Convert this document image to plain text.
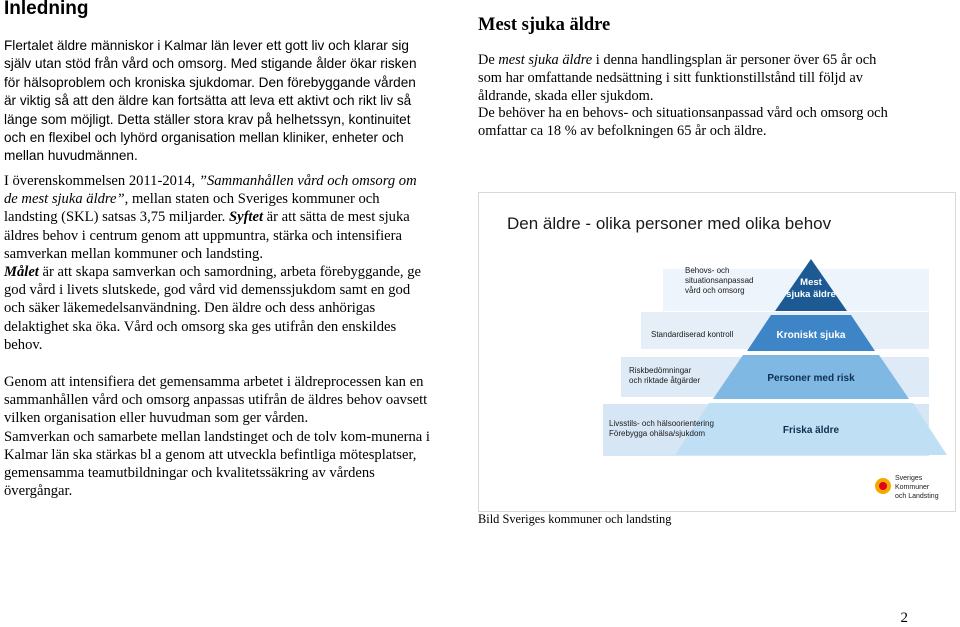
Inledning
Flertalet äldre människor i Kalmar län lever ett gott liv och klarar sig
själv utan stöd från vård och omsorg. Med stigande ålder ökar risken
för hälsoproblem och kroniska sjukdomar. Den förebyggande vården
är viktig så att den äldre kan fortsätta att leva ett aktivt och rikt liv så
länge som möjligt. Detta ställer stora krav på helhetssyn, kontinuitet
och en flexibel och lyhörd organisation mellan kliniker, enheter och
mellan huvudmännen.

I överenskommelsen 2011-2014, ”Sammanhållen vård och omsorg om de mest sjuka äldre”, mellan staten och Sveriges kommuner och landsting (SKL) satsas 3,75 miljarder. Syftet är att sätta de mest sjuka äldres behov i centrum genom att uppmuntra, stärka och intensifiera samverkan mellan kommuner och landsting.
Målet är att skapa samverkan och samordning, arbeta förebyggande, ge god vård i livets slutskede, god vård vid demenssjukdom samt en god och säker läkemedelsanvändning. Den äldre och dess anhörigas delaktighet ska öka. Vård och omsorg ska ges utifrån den enskildes behov.

Genom att intensifiera det gemensamma arbetet i äldreprocessen kan en sammanhållen vård och omsorg anpassas utifrån de äldres behov oavsett vilken organisation eller huvudman som ger vården.
Samverkan och samarbete mellan landstinget och de tolv kom-munerna i Kalmar län ska stärkas bl a genom att utveckla befintliga mötesplatser, gemensamma teamutbildningar och kvalitetssäkring av vårdens övergångar.

Mest sjuka äldre

De mest sjuka äldre i denna handlingsplan är personer över 65 år och som har omfattande nedsättning i sitt funktionstillstånd till följd av åldrande, skada eller sjukdom.
De behöver ha en behovs- och situationsanpassad vård och omsorg och omfattar ca 18 % av befolkningen 65 år och äldre.

Den äldre - olika personer med olika behov
Mest
sjuka äldre
Kroniskt sjuka
Personer med risk
Friska äldre
Behovs- och situationsanpassad vård och omsorg
Standardiserad kontroll
Riskbedömningar och riktade åtgärder
Livsstils- och hälsoorientering Förebygga ohälsa/sjukdom
Sveriges Kommuner och Landsting
Bild Sveriges kommuner och landsting
2
